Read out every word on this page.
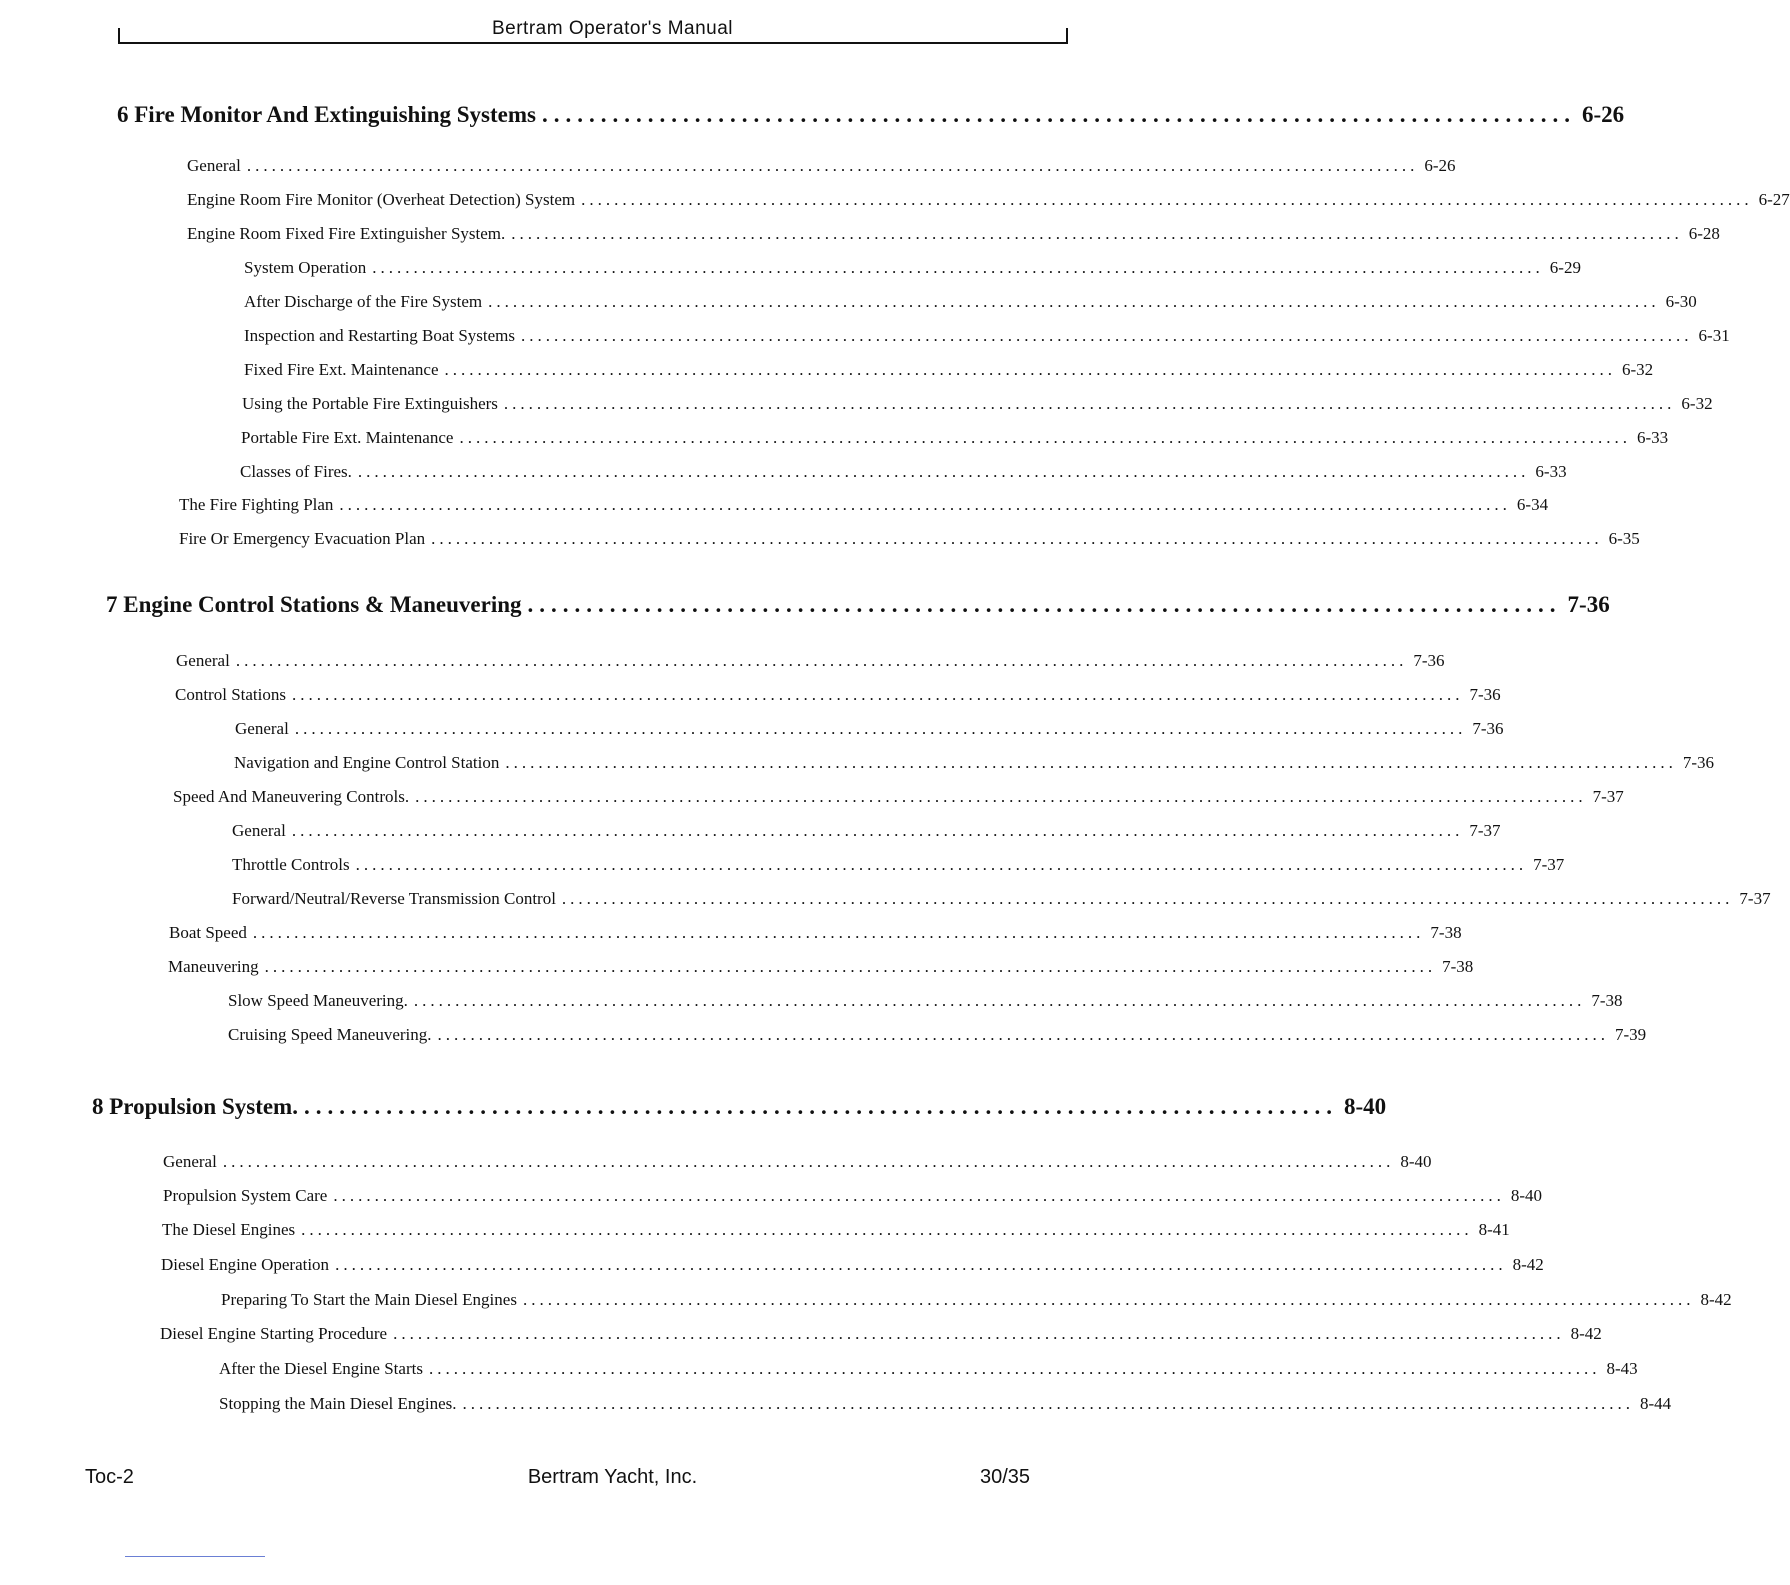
Bertram Operator's Manual
6 Fire Monitor And Extinguishing Systems ........................................................................................ 6-26
General .............................................................................................................................................. 6-26
Engine Room Fire Monitor (Overheat Detection) System .............................................................................................................................................. 6-27
Engine Room Fixed Fire Extinguisher System. .............................................................................................................................................. 6-28
System Operation .............................................................................................................................................. 6-29
After Discharge of the Fire System .............................................................................................................................................. 6-30
Inspection and Restarting Boat Systems .............................................................................................................................................. 6-31
Fixed Fire Ext. Maintenance .............................................................................................................................................. 6-32
Using the Portable Fire Extinguishers .............................................................................................................................................. 6-32
Portable Fire Ext. Maintenance .............................................................................................................................................. 6-33
Classes of Fires. .............................................................................................................................................. 6-33
The Fire Fighting Plan .............................................................................................................................................. 6-34
Fire Or Emergency Evacuation Plan .............................................................................................................................................. 6-35
7 Engine Control Stations & Maneuvering ........................................................................................ 7-36
General .............................................................................................................................................. 7-36
Control Stations .............................................................................................................................................. 7-36
General .............................................................................................................................................. 7-36
Navigation and Engine Control Station .............................................................................................................................................. 7-36
Speed And Maneuvering Controls. .............................................................................................................................................. 7-37
General .............................................................................................................................................. 7-37
Throttle Controls .............................................................................................................................................. 7-37
Forward/Neutral/Reverse Transmission Control .............................................................................................................................................. 7-37
Boat Speed .............................................................................................................................................. 7-38
Maneuvering .............................................................................................................................................. 7-38
Slow Speed Maneuvering. .............................................................................................................................................. 7-38
Cruising Speed Maneuvering. .............................................................................................................................................. 7-39
8 Propulsion System. ........................................................................................ 8-40
General .............................................................................................................................................. 8-40
Propulsion System Care .............................................................................................................................................. 8-40
The Diesel Engines .............................................................................................................................................. 8-41
Diesel Engine Operation .............................................................................................................................................. 8-42
Preparing To Start the Main Diesel Engines .............................................................................................................................................. 8-42
Diesel Engine Starting Procedure .............................................................................................................................................. 8-42
After the Diesel Engine Starts .............................................................................................................................................. 8-43
Stopping the Main Diesel Engines. .............................................................................................................................................. 8-44
Toc-2	Bertram Yacht, Inc.	30/35
